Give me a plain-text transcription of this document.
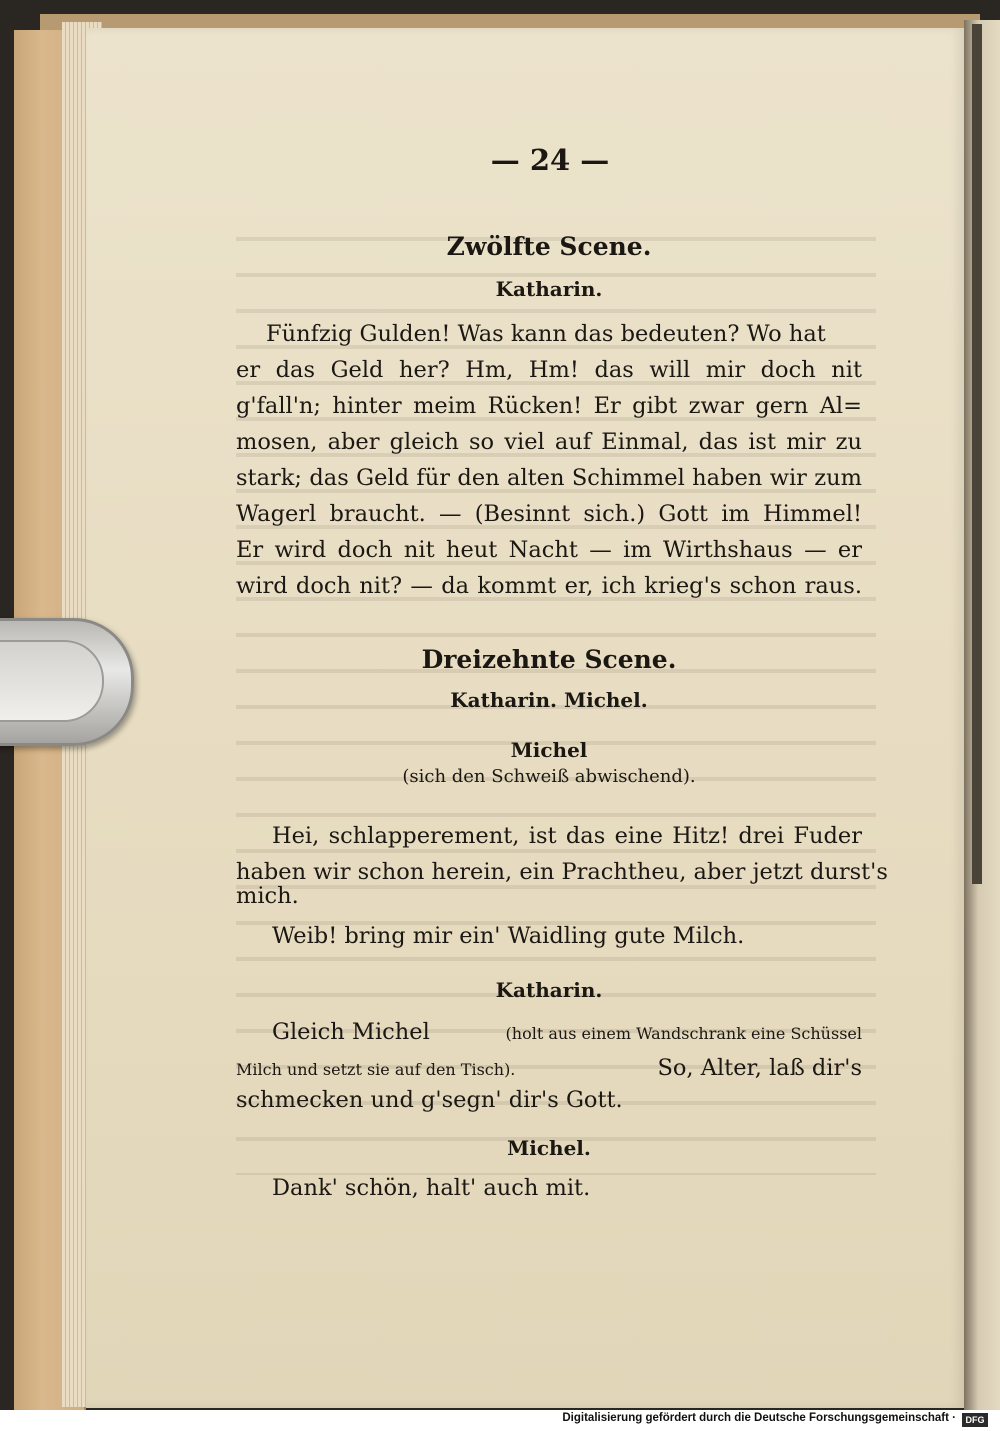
— 24 —
Zwölfte Scene.
Katharin.
Fünfzig Gulden! Was kann das bedeuten? Wo hat
er das Geld her? Hm, Hm! das will mir doch nit
g'fall'n; hinter meim Rücken! Er gibt zwar gern Al=
mosen, aber gleich so viel auf Einmal, das ist mir zu
stark; das Geld für den alten Schimmel haben wir zum
Wagerl braucht. — (Besinnt sich.) Gott im Himmel!
Er wird doch nit heut Nacht — im Wirthshaus — er
wird doch nit? — da kommt er, ich krieg's schon raus.
Dreizehnte Scene.
Katharin. Michel.
Michel
(sich den Schweiß abwischend).
Hei, schlapperement, ist das eine Hitz! drei Fuder
haben wir schon herein, ein Prachtheu, aber jetzt durst's
mich.
Weib! bring mir ein' Waidling gute Milch.
Katharin.
Gleich Michel	(holt aus einem Wandschrank eine Schüssel
Milch und setzt sie auf den Tisch).	So, Alter, laß dir's
schmecken und g'segn' dir's Gott.
Michel.
Dank' schön, halt' auch mit.
Digitalisierung gefördert durch die Deutsche Forschungsgemeinschaft ·	DFG
